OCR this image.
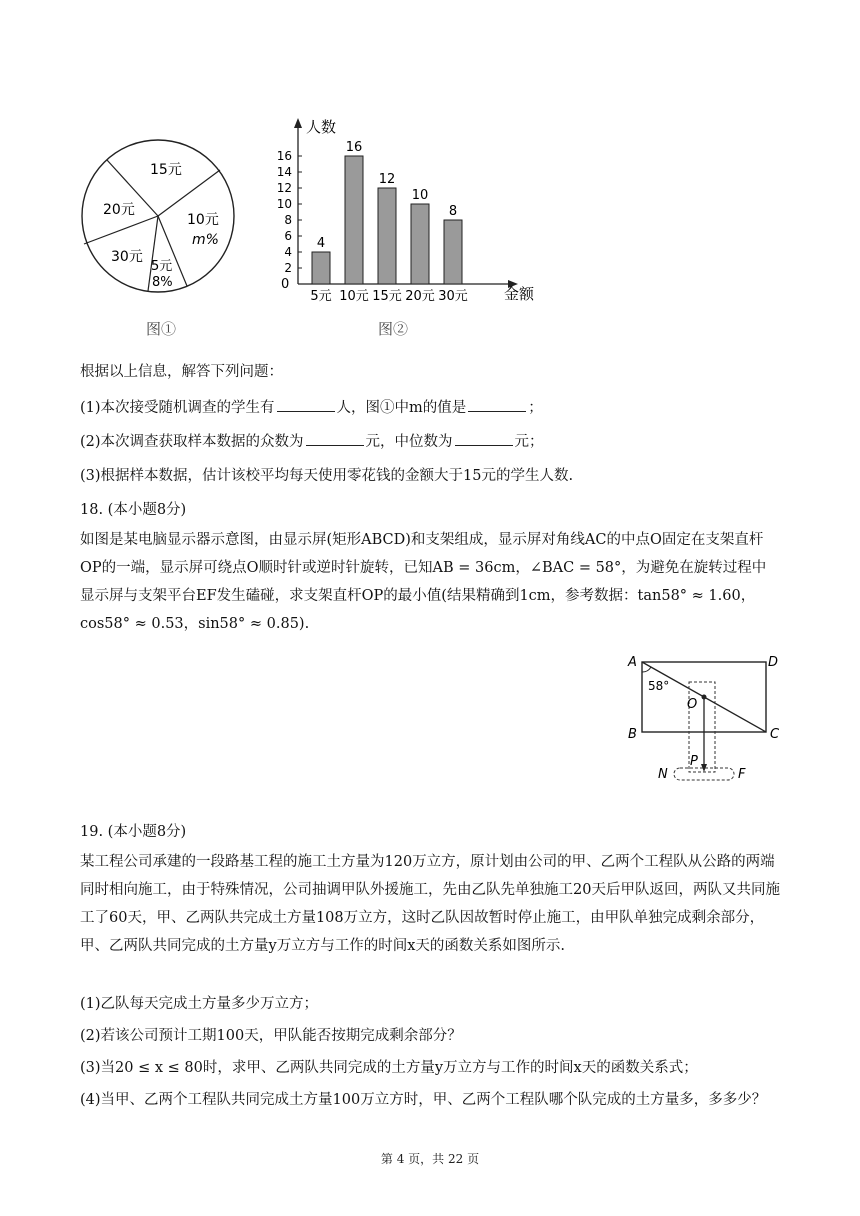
15元
10元
m%
5元
8%
30元
20元
图①
人数
金额
0
2
4
6
8
10
12
14
16
4
5元
16
10元
12
15元
10
20元
8
30元
图②
根据以上信息，解答下列问题：
(1)本次接受随机调查的学生有	人，图①中m的值是	；
(2)本次调查获取样本数据的众数为	元，中位数为	元；
(3)根据样本数据，估计该校平均每天使用零花钱的金额大于15元的学生人数.
18. (本小题8分)
如图是某电脑显示器示意图，由显示屏(矩形ABCD)和支架组成，显示屏对角线AC的中点O固定在支架直杆OP的一端，显示屏可绕点O顺时针或逆时针旋转，已知AB = 36cm，∠BAC = 58°，为避免在旋转过程中显示屏与支架平台EF发生磕碰，求支架直杆OP的最小值(结果精确到1cm，参考数据：tan58° ≈ 1.60，cos58° ≈ 0.53，sin58° ≈ 0.85).
A	D
B	C
58°
O
P
N	F
19. (本小题8分)
某工程公司承建的一段路基工程的施工土方量为120万立方，原计划由公司的甲、乙两个工程队从公路的两端同时相向施工，由于特殊情况，公司抽调甲队外援施工，先由乙队先单独施工20天后甲队返回，两队又共同施工了60天，甲、乙两队共完成土方量108万立方，这时乙队因故暂时停止施工，由甲队单独完成剩余部分，甲、乙两队共同完成的土方量y万立方与工作的时间x天的函数关系如图所示.
(1)乙队每天完成土方量多少万立方；
(2)若该公司预计工期100天，甲队能否按期完成剩余部分？
(3)当20 ≤ x ≤ 80时，求甲、乙两队共同完成的土方量y万立方与工作的时间x天的函数关系式；
(4)当甲、乙两个工程队共同完成土方量100万立方时，甲、乙两个工程队哪个队完成的土方量多，多多少？
第 4 页，共 22 页
